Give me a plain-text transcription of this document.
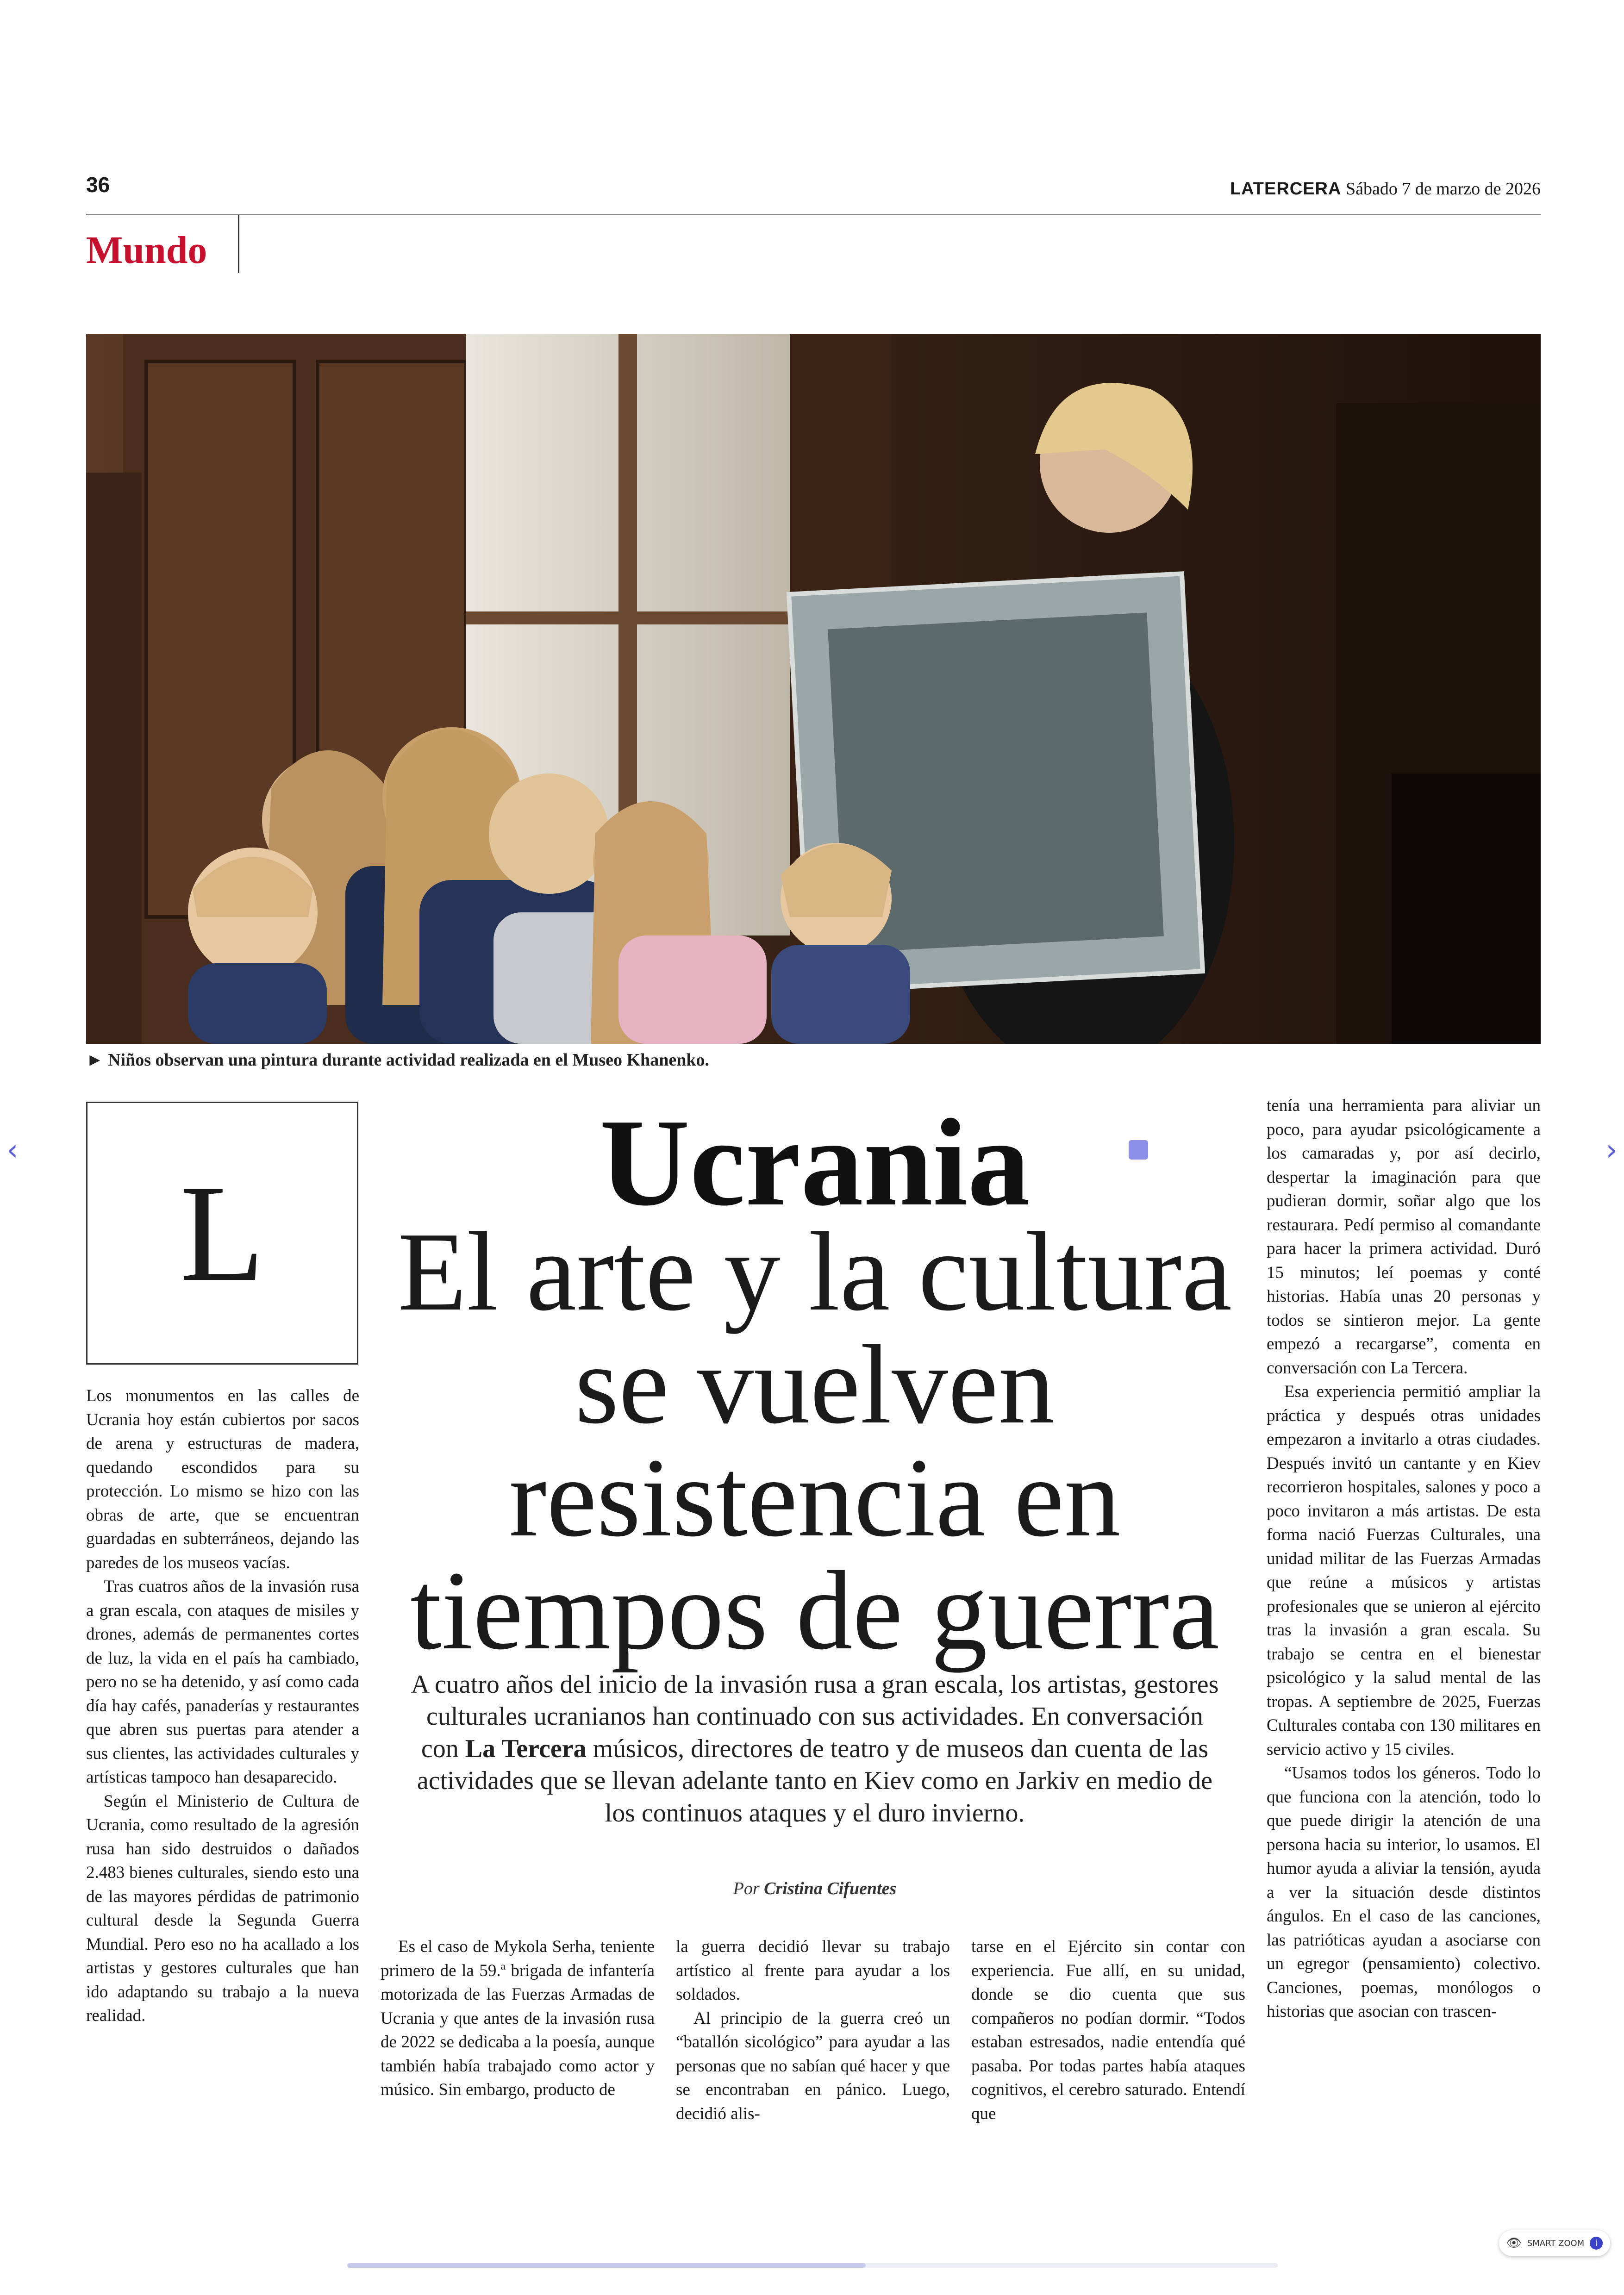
36	LATERCERA Sábado 7 de marzo de 2026
Mundo
► Niños observan una pintura durante actividad realizada en el Museo Khanenko.
L	Ucrania
El arte y la cultura
se vuelven
resistencia en
tiempos de guerra
A cuatro años del inicio de la invasión rusa a gran escala, los artistas, gestores culturales ucranianos han continuado con sus actividades. En conversación con La Tercera músicos, directores de teatro y de museos dan cuenta de las actividades que se llevan adelante tanto en Kiev como en Jarkiv en medio de los continuos ataques y el duro invierno.
Por Cristina Cifuentes

Los monumentos en las calles de Ucrania hoy están cubiertos por sacos de arena y estructuras de madera, quedando escondidos para su protección. Lo mismo se hizo con las obras de arte, que se encuentran guardadas en subterráneos, dejando las paredes de los museos vacías.

Tras cuatros años de la invasión rusa a gran escala, con ataques de misiles y drones, además de permanentes cortes de luz, la vida en el país ha cambiado, pero no se ha detenido, y así como cada día hay cafés, panaderías y restaurantes que abren sus puertas para atender a sus clientes, las actividades culturales y artísticas tampoco han desaparecido.

Según el Ministerio de Cultura de Ucrania, como resultado de la agresión rusa han sido destruidos o dañados 2.483 bienes culturales, siendo esto una de las mayores pérdidas de patrimonio cultural desde la Segunda Guerra Mundial. Pero eso no ha acallado a los artistas y gestores culturales que han ido adaptando su trabajo a la nueva realidad.

Es el caso de Mykola Serha, teniente primero de la 59.ª brigada de infantería motorizada de las Fuerzas Armadas de Ucrania y que antes de la invasión rusa de 2022 se dedicaba a la poesía, aunque también había trabajado como actor y músico. Sin embargo, producto de

la guerra decidió llevar su trabajo artístico al frente para ayudar a los soldados.

Al principio de la guerra creó un “batallón sicológico” para ayudar a las personas que no sabían qué hacer y que se encontraban en pánico. Luego, decidió alis-

tarse en el Ejército sin contar con experiencia. Fue allí, en su unidad, donde se dio cuenta que sus compañeros no podían dormir. “Todos estaban estresados, nadie entendía qué pasaba. Por todas partes había ataques cognitivos, el cerebro saturado. Entendí que

tenía una herramienta para aliviar un poco, para ayudar psicológicamente a los camaradas y, por así decirlo, despertar la imaginación para que pudieran dormir, soñar algo que los restaurara. Pedí permiso al comandante para hacer la primera actividad. Duró 15 minutos; leí poemas y conté historias. Había unas 20 personas y todos se sintieron mejor. La gente empezó a recargarse”, comenta en conversación con La Tercera.

Esa experiencia permitió ampliar la práctica y después otras unidades empezaron a invitarlo a otras ciudades. Después invitó un cantante y en Kiev recorrieron hospitales, salones y poco a poco invitaron a más artistas. De esta forma nació Fuerzas Culturales, una unidad militar de las Fuerzas Armadas que reúne a músicos y artistas profesionales que se unieron al ejército tras la invasión a gran escala. Su trabajo se centra en el bienestar psicológico y la salud mental de las tropas. A septiembre de 2025, Fuerzas Culturales contaba con 130 militares en servicio activo y 15 civiles.

“Usamos todos los géneros. Todo lo que funciona con la atención, todo lo que puede dirigir la atención de una persona hacia su interior, lo usamos. El humor ayuda a aliviar la tensión, ayuda a ver la situación desde distintos ángulos. En el caso de las canciones, las patrióticas ayudan a asociarse con un egregor (pensamiento) colectivo. Canciones, poemas, monólogos o historias que asocian con trascen-

‹	›
👁 SMART ZOOM	i
